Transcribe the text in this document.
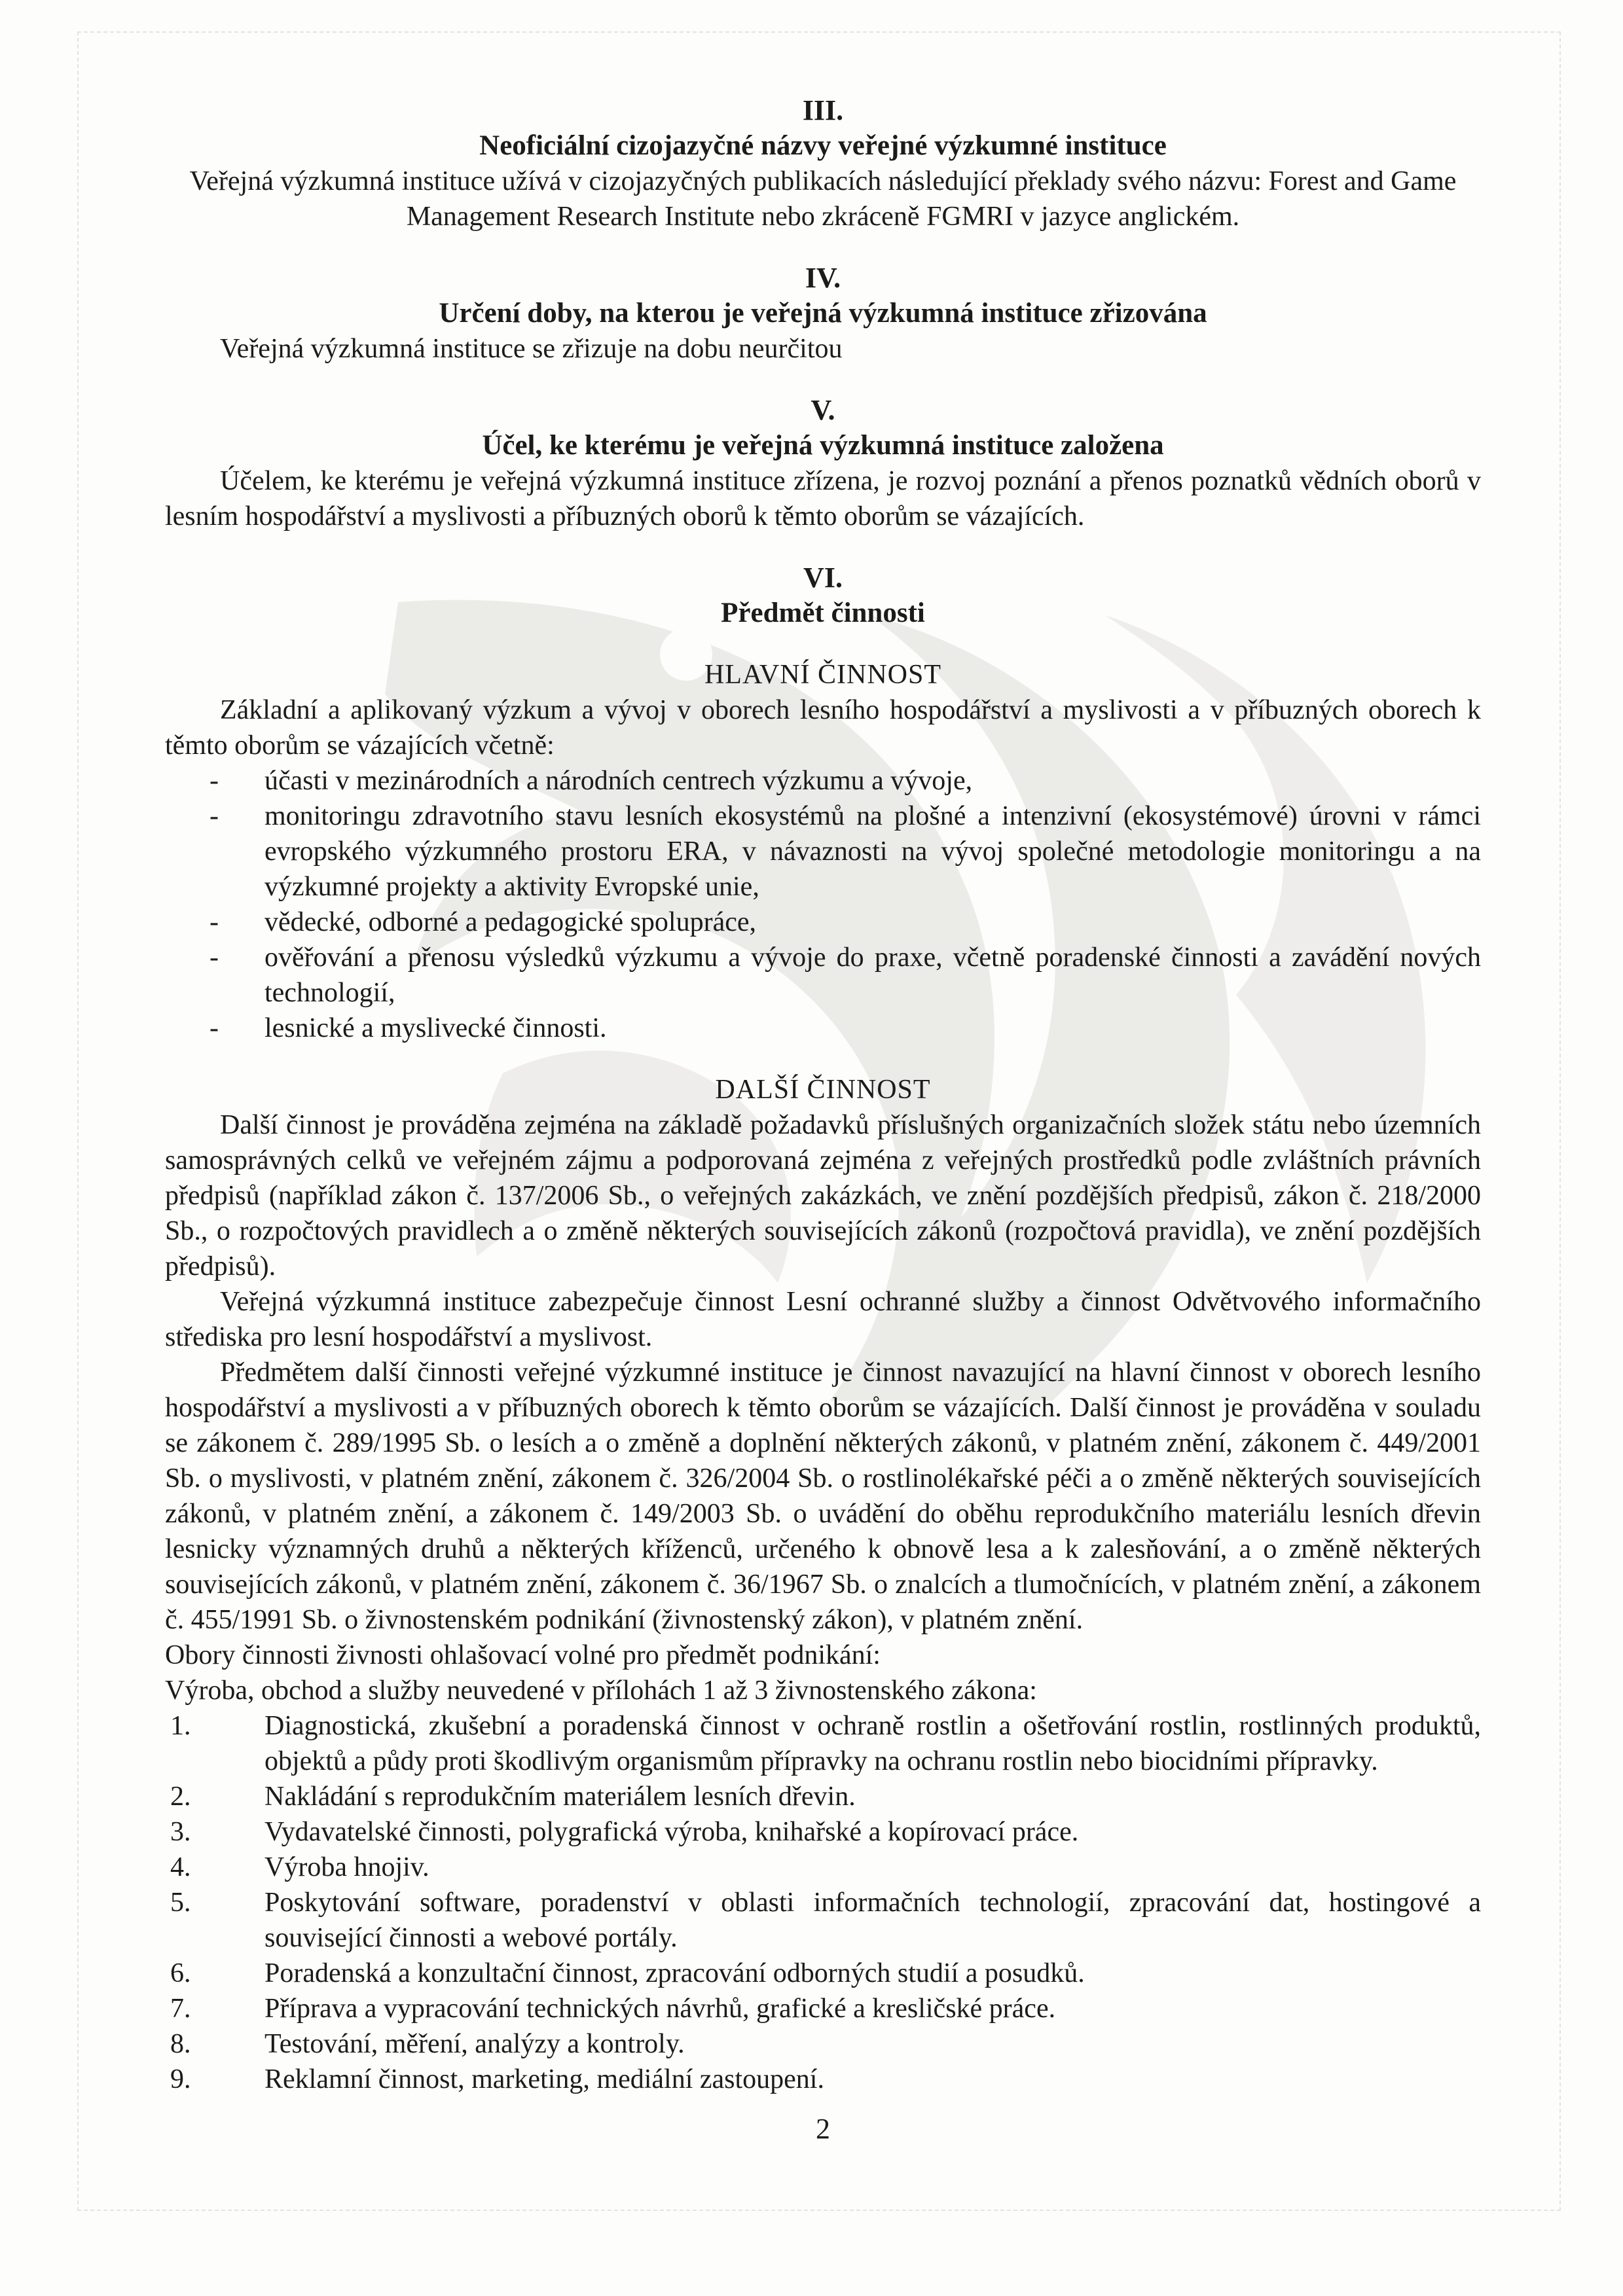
III.
Neoficiální cizojazyčné názvy veřejné výzkumné instituce

Veřejná výzkumná instituce užívá v cizojazyčných publikacích následující překlady svého názvu: Forest and Game Management Research Institute nebo zkráceně FGMRI v jazyce anglickém.

IV.
Určení doby, na kterou je veřejná výzkumná instituce zřizována

Veřejná výzkumná instituce se zřizuje na dobu neurčitou

V.
Účel, ke kterému je veřejná výzkumná instituce založena

Účelem, ke kterému je veřejná výzkumná instituce zřízena, je rozvoj poznání a přenos poznatků vědních oborů v lesním hospodářství a myslivosti a příbuzných oborů k těmto oborům se vázajících.

VI.
Předmět činnosti
HLAVNÍ ČINNOST

Základní a aplikovaný výzkum a vývoj v oborech lesního hospodářství a myslivosti a v příbuzných oborech k těmto oborům se vázajících včetně:

- účasti v mezinárodních a národních centrech výzkumu a vývoje,
- monitoringu zdravotního stavu lesních ekosystémů na plošné a intenzivní (ekosystémové) úrovni v rámci evropského výzkumného prostoru ERA, v návaznosti na vývoj společné metodologie monitoringu a na výzkumné projekty a aktivity Evropské unie,
- vědecké, odborné a pedagogické spolupráce,
- ověřování a přenosu výsledků výzkumu a vývoje do praxe, včetně poradenské činnosti a zavádění nových technologií,
- lesnické a myslivecké činnosti.
DALŠÍ ČINNOST

Další činnost je prováděna zejména na základě požadavků příslušných organizačních složek státu nebo územních samosprávných celků ve veřejném zájmu a podporovaná zejména z veřejných prostředků podle zvláštních právních předpisů (například zákon č. 137/2006 Sb., o veřejných zakázkách, ve znění pozdějších předpisů, zákon č. 218/2000 Sb., o rozpočtových pravidlech a o změně některých souvisejících zákonů (rozpočtová pravidla), ve znění pozdějších předpisů).

Veřejná výzkumná instituce zabezpečuje činnost Lesní ochranné služby a činnost Odvětvového informačního střediska pro lesní hospodářství a myslivost.

Předmětem další činnosti veřejné výzkumné instituce je činnost navazující na hlavní činnost v oborech lesního hospodářství a myslivosti a v příbuzných oborech k těmto oborům se vázajících. Další činnost je prováděna v souladu se zákonem č. 289/1995 Sb. o lesích a o změně a doplnění některých zákonů, v platném znění, zákonem č. 449/2001 Sb. o myslivosti, v platném znění, zákonem č. 326/2004 Sb. o rostlinolékařské péči a o změně některých souvisejících zákonů, v platném znění, a zákonem č. 149/2003 Sb. o uvádění do oběhu reprodukčního materiálu lesních dřevin lesnicky významných druhů a některých kříženců, určeného k obnově lesa a k zalesňování, a o změně některých souvisejících zákonů, v platném znění, zákonem č. 36/1967 Sb. o znalcích a tlumočnících, v platném znění, a zákonem č. 455/1991 Sb. o živnostenském podnikání (živnostenský zákon), v platném znění.

Obory činnosti živnosti ohlašovací volné pro předmět podnikání:

Výroba, obchod a služby neuvedené v přílohách 1 až 3 živnostenského zákona:

1.	Diagnostická, zkušební a poradenská činnost v ochraně rostlin a ošetřování rostlin, rostlinných produktů, objektů a půdy proti škodlivým organismům přípravky na ochranu rostlin nebo biocidními přípravky.
2.	Nakládání s reprodukčním materiálem lesních dřevin.
3.	Vydavatelské činnosti, polygrafická výroba, knihařské a kopírovací práce.
4.	Výroba hnojiv.
5.	Poskytování software, poradenství v oblasti informačních technologií, zpracování dat, hostingové a související činnosti a webové portály.
6.	Poradenská a konzultační činnost, zpracování odborných studií a posudků.
7.	Příprava a vypracování technických návrhů, grafické a kresličské práce.
8.	Testování, měření, analýzy a kontroly.
9.	Reklamní činnost, marketing, mediální zastoupení.
2
